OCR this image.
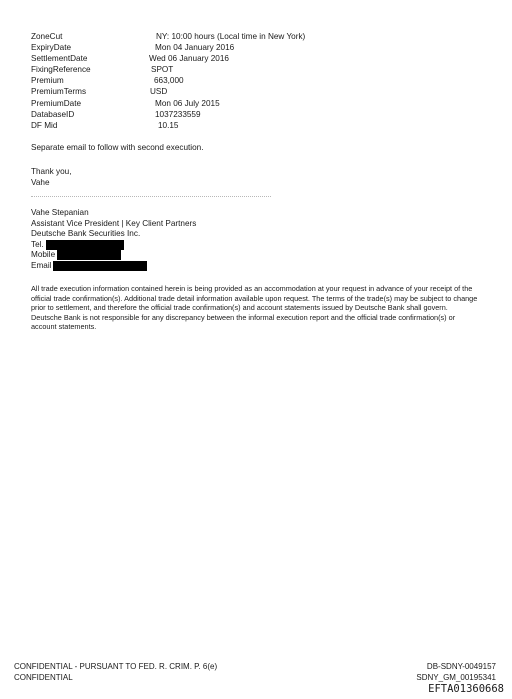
ZoneCut	NY: 10:00 hours (Local time in New York)
ExpiryDate	Mon 04 January 2016
SettlementDate	Wed 06 January 2016
FixingReference	SPOT
Premium	663,000
PremiumTerms	USD
PremiumDate	Mon 06 July 2015
DatabaseID	1037233559
DF Mid	10.15
Separate email to follow with second execution.
Thank you,
Vahe
Vahe Stepanian
Assistant Vice President | Key Client Partners
Deutsche Bank Securities Inc.
Tel.
Mobile
Email
All trade execution information contained herein is being provided as an accommodation at your request in advance of your receipt of the official trade confirmation(s). Additional trade detail information available upon request. The terms of the trade(s) may be subject to change prior to settlement, and therefore the official trade confirmation(s) and account statements issued by Deutsche Bank shall govern. Deutsche Bank is not responsible for any discrepancy between the informal execution report and the official trade confirmation(s) or account statements.
CONFIDENTIAL - PURSUANT TO FED. R. CRIM. P. 6(e)
CONFIDENTIAL
DB-SDNY-0049157
SDNY_GM_00195341
EFTA01360668
